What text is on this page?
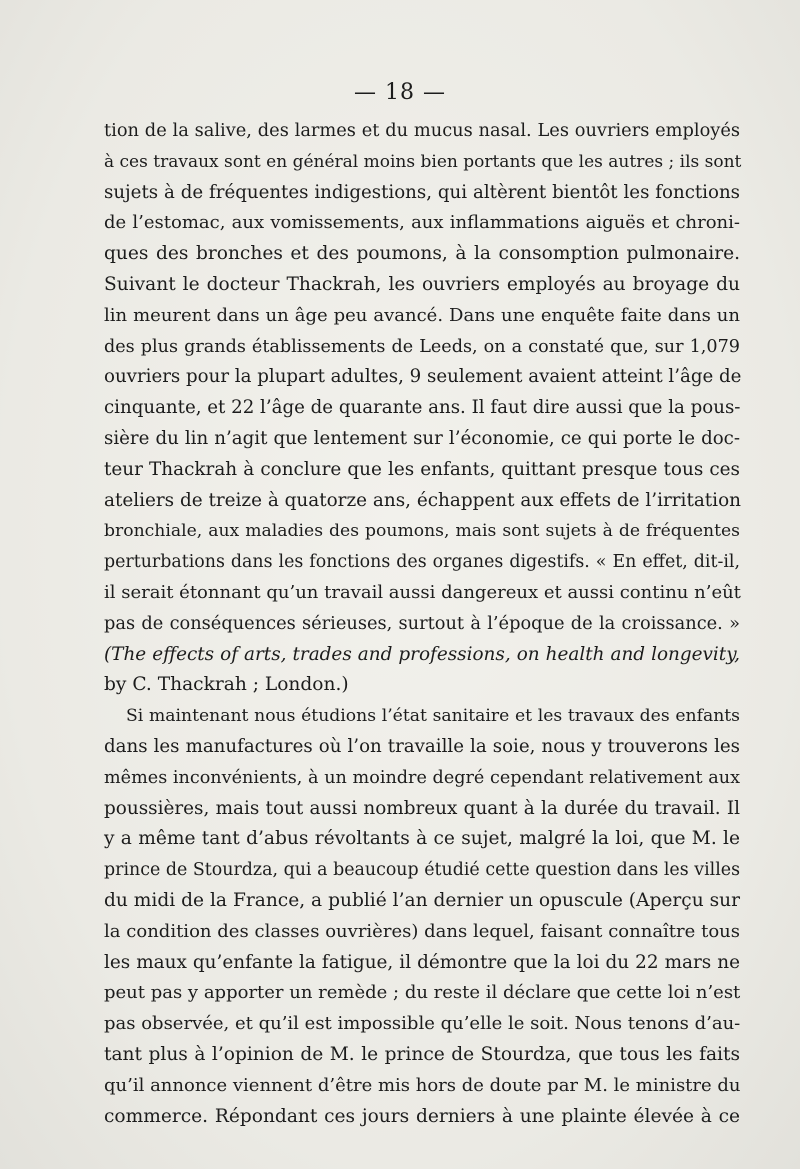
— 18 —
tion de la salive, des larmes et du mucus nasal. Les ouvriers employés
à ces travaux sont en général moins bien portants que les autres ; ils sont
sujets à de fréquentes indigestions, qui altèrent bientôt les fonctions
de l’estomac, aux vomissements, aux inflammations aiguës et chroni-
ques des bronches et des poumons, à la consomption pulmonaire.
Suivant le docteur Thackrah, les ouvriers employés au broyage du
lin meurent dans un âge peu avancé. Dans une enquête faite dans un
des plus grands établissements de Leeds, on a constaté que, sur 1,079
ouvriers pour la plupart adultes, 9 seulement avaient atteint l’âge de
cinquante, et 22 l’âge de quarante ans. Il faut dire aussi que la pous-
sière du lin n’agit que lentement sur l’économie, ce qui porte le doc-
teur Thackrah à conclure que les enfants, quittant presque tous ces
ateliers de treize à quatorze ans, échappent aux effets de l’irritation
bronchiale, aux maladies des poumons, mais sont sujets à de fréquentes
perturbations dans les fonctions des organes digestifs. « En effet, dit-il,
il serait étonnant qu’un travail aussi dangereux et aussi continu n’eût
pas de conséquences sérieuses, surtout à l’époque de la croissance. »
(The effects of arts, trades and professions, on health and longevity,
by C. Thackrah ; London.)
Si maintenant nous étudions l’état sanitaire et les travaux des enfants
dans les manufactures où l’on travaille la soie, nous y trouverons les
mêmes inconvénients, à un moindre degré cependant relativement aux
poussières, mais tout aussi nombreux quant à la durée du travail. Il
y a même tant d’abus révoltants à ce sujet, malgré la loi, que M. le
prince de Stourdza, qui a beaucoup étudié cette question dans les villes
du midi de la France, a publié l’an dernier un opuscule (Aperçu sur
la condition des classes ouvrières) dans lequel, faisant connaître tous
les maux qu’enfante la fatigue, il démontre que la loi du 22 mars ne
peut pas y apporter un remède ; du reste il déclare que cette loi n’est
pas observée, et qu’il est impossible qu’elle le soit. Nous tenons d’au-
tant plus à l’opinion de M. le prince de Stourdza, que tous les faits
qu’il annonce viennent d’être mis hors de doute par M. le ministre du
commerce. Répondant ces jours derniers à une plainte élevée à ce
